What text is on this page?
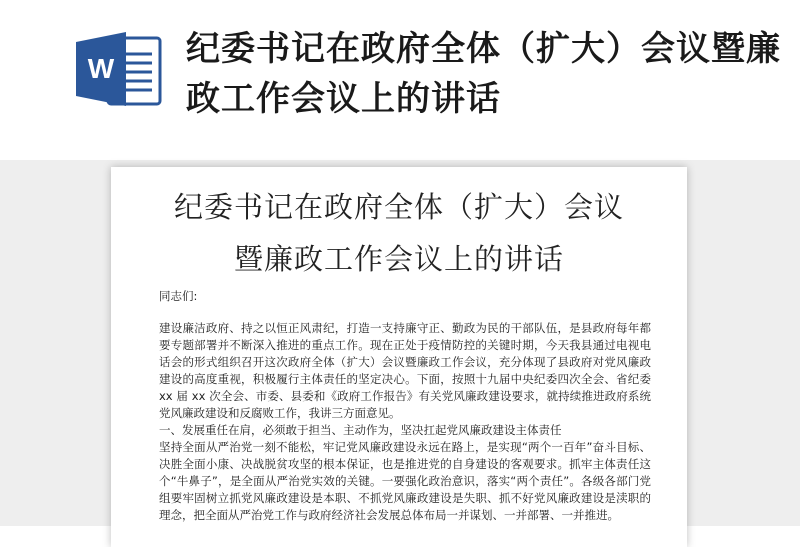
W 纪委书记在政府全体（扩大）会议暨廉政工作会议上的讲话
纪委书记在政府全体（扩大）会议
暨廉政工作会议上的讲话
同志们:

建设廉洁政府、持之以恒正风肃纪，打造一支持廉守正、勤政为民的干部队伍，是县政府每年都要专题部署并不断深入推进的重点工作。现在正处于疫情防控的关键时期，今天我县通过电视电话会的形式组织召开这次政府全体（扩大）会议暨廉政工作会议，充分体现了县政府对党风廉政建设的高度重视，积极履行主体责任的坚定决心。下面，按照十九届中央纪委四次全会、省纪委 xx 届 xx 次全会、市委、县委和《政府工作报告》有关党风廉政建设要求，就持续推进政府系统党风廉政建设和反腐败工作，我讲三方面意见。

一、发展重任在肩，必须敢于担当、主动作为，坚决扛起党风廉政建设主体责任

坚持全面从严治党一刻不能松，牢记党风廉政建设永远在路上，是实现“两个一百年”奋斗目标、决胜全面小康、决战脱贫攻坚的根本保证，也是推进党的自身建设的客观要求。抓牢主体责任这个“牛鼻子”，是全面从严治党实效的关键。一要强化政治意识，落实“两个责任”。各级各部门党组要牢固树立抓党风廉政建设是本职、不抓党风廉政建设是失职、抓不好党风廉政建设是渎职的理念，把全面从严治党工作与政府经济社会发展总体布局一并谋划、一并部署、一并推进。
